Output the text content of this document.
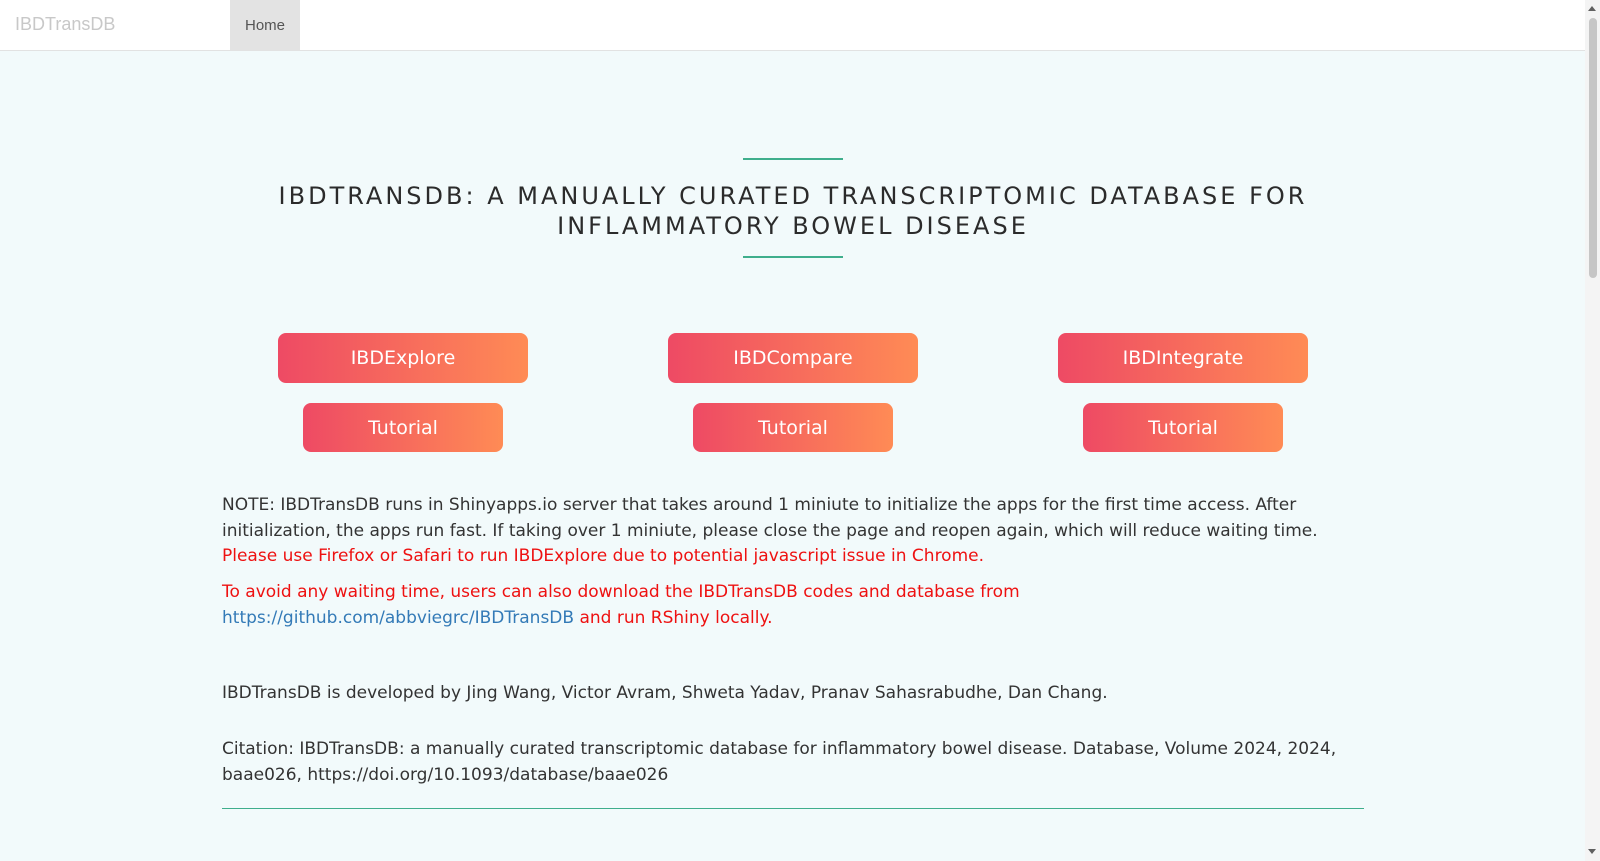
IBDTransDB	Home
IBDTRANSDB: A MANUALLY CURATED TRANSCRIPTOMIC DATABASE FOR
INFLAMMATORY BOWEL DISEASE
IBDExplore	IBDCompare	IBDIntegrate
Tutorial	Tutorial	Tutorial
NOTE: IBDTransDB runs in Shinyapps.io server that takes around 1 miniute to initialize the apps for the first time access. After initialization, the apps run fast. If taking over 1 miniute, please close the page and reopen again, which will reduce waiting time. Please use Firefox or Safari to run IBDExplore due to potential javascript issue in Chrome.
To avoid any waiting time, users can also download the IBDTransDB codes and database from https://github.com/abbviegrc/IBDTransDB and run RShiny locally.
IBDTransDB is developed by Jing Wang, Victor Avram, Shweta Yadav, Pranav Sahasrabudhe, Dan Chang.
Citation: IBDTransDB: a manually curated transcriptomic database for inflammatory bowel disease. Database, Volume 2024, 2024, baae026, https://doi.org/10.1093/database/baae026
